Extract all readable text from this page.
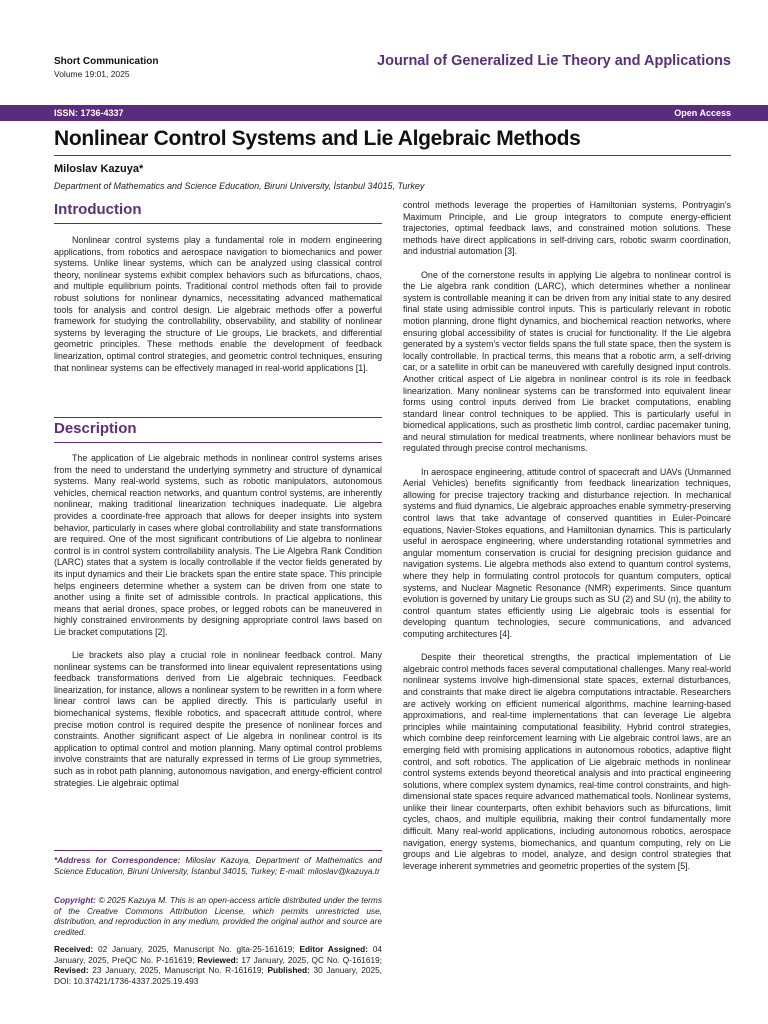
Short Communication
Volume 19:01, 2025
Journal of Generalized Lie Theory and Applications
ISSN: 1736-4337	Open Access
Nonlinear Control Systems and Lie Algebraic Methods
Miloslav Kazuya*
Department of Mathematics and Science Education, Biruni University, İstanbul 34015, Turkey
Introduction

Nonlinear control systems play a fundamental role in modern engineering applications, from robotics and aerospace navigation to biomechanics and power systems. Unlike linear systems, which can be analyzed using classical control theory, nonlinear systems exhibit complex behaviors such as bifurcations, chaos, and multiple equilibrium points. Traditional control methods often fail to provide robust solutions for nonlinear dynamics, necessitating advanced mathematical tools for analysis and control design. Lie algebraic methods offer a powerful framework for studying the controllability, observability, and stability of nonlinear systems by leveraging the structure of Lie groups, Lie brackets, and differential geometric principles. These methods enable the development of feedback linearization, optimal control strategies, and geometric control techniques, ensuring that nonlinear systems can be effectively managed in real-world applications [1].

Description

The application of Lie algebraic methods in nonlinear control systems arises from the need to understand the underlying symmetry and structure of dynamical systems. Many real-world systems, such as robotic manipulators, autonomous vehicles, chemical reaction networks, and quantum control systems, are inherently nonlinear, making traditional linearization techniques inadequate. Lie algebra provides a coordinate-free approach that allows for deeper insights into system behavior, particularly in cases where global controllability and state transformations are required. One of the most significant contributions of Lie algebra to nonlinear control is in control system controllability analysis. The Lie Algebra Rank Condition (LARC) states that a system is locally controllable if the vector fields generated by its input dynamics and their Lie brackets span the entire state space. This principle helps engineers determine whether a system can be driven from one state to another using a finite set of admissible controls. In practical applications, this means that aerial drones, space probes, or legged robots can be maneuvered in highly constrained environments by designing appropriate control laws based on Lie bracket computations [2].

Lie brackets also play a crucial role in nonlinear feedback control. Many nonlinear systems can be transformed into linear equivalent representations using feedback transformations derived from Lie algebraic techniques. Feedback linearization, for instance, allows a nonlinear system to be rewritten in a form where linear control laws can be applied directly. This is particularly useful in biomechanical systems, flexible robotics, and spacecraft attitude control, where precise motion control is required despite the presence of nonlinear forces and constraints. Another significant aspect of Lie algebra in nonlinear control is its application to optimal control and motion planning. Many optimal control problems involve constraints that are naturally expressed in terms of Lie group symmetries, such as in robot path planning, autonomous navigation, and energy-efficient control strategies. Lie algebraic optimal

*Address for Correspondence: Miloslav Kazuya, Department of Mathematics and Science Education, Biruni University, İstanbul 34015, Turkey; E-mail: miloslav@kazuya.tr
Copyright: © 2025 Kazuya M. This is an open-access article distributed under the terms of the Creative Commons Attribution License, which permits unrestricted use, distribution, and reproduction in any medium, provided the original author and source are credited.
Received: 02 January, 2025, Manuscript No. glta-25-161619; Editor Assigned: 04 January, 2025, PreQC No. P-161619; Reviewed: 17 January, 2025, QC No. Q-161619; Revised: 23 January, 2025, Manuscript No. R-161619; Published: 30 January, 2025, DOI: 10.37421/1736-4337.2025.19.493

control methods leverage the properties of Hamiltonian systems, Pontryagin's Maximum Principle, and Lie group integrators to compute energy-efficient trajectories, optimal feedback laws, and constrained motion solutions. These methods have direct applications in self-driving cars, robotic swarm coordination, and industrial automation [3].

One of the cornerstone results in applying Lie algebra to nonlinear control is the Lie algebra rank condition (LARC), which determines whether a nonlinear system is controllable meaning it can be driven from any initial state to any desired final state using admissible control inputs. This is particularly relevant in robotic motion planning, drone flight dynamics, and biochemical reaction networks, where ensuring global accessibility of states is crucial for functionality. If the Lie algebra generated by a system's vector fields spans the full state space, then the system is locally controllable. In practical terms, this means that a robotic arm, a self-driving car, or a satellite in orbit can be maneuvered with carefully designed input controls. Another critical aspect of Lie algebra in nonlinear control is its role in feedback linearization. Many nonlinear systems can be transformed into equivalent linear forms using control inputs derived from Lie bracket computations, enabling standard linear control techniques to be applied. This is particularly useful in biomedical applications, such as prosthetic limb control, cardiac pacemaker tuning, and neural stimulation for medical treatments, where nonlinear behaviors must be regulated through precise control mechanisms.

In aerospace engineering, attitude control of spacecraft and UAVs (Unmanned Aerial Vehicles) benefits significantly from feedback linearization techniques, allowing for precise trajectory tracking and disturbance rejection. In mechanical systems and fluid dynamics, Lie algebraic approaches enable symmetry-preserving control laws that take advantage of conserved quantities in Euler-Poincaré equations, Navier-Stokes equations, and Hamiltonian dynamics. This is particularly useful in aerospace engineering, where understanding rotational symmetries and angular momentum conservation is crucial for designing precision guidance and navigation systems. Lie algebra methods also extend to quantum control systems, where they help in formulating control protocols for quantum computers, optical systems, and Nuclear Magnetic Resonance (NMR) experiments. Since quantum evolution is governed by unitary Lie groups such as SU (2) and SU (n), the ability to control quantum states efficiently using Lie algebraic tools is essential for developing quantum technologies, secure communications, and advanced computing architectures [4].

Despite their theoretical strengths, the practical implementation of Lie algebraic control methods faces several computational challenges. Many real-world nonlinear systems involve high-dimensional state spaces, external disturbances, and constraints that make direct lie algebra computations intractable. Researchers are actively working on efficient numerical algorithms, machine learning-based approximations, and real-time implementations that can leverage Lie algebra principles while maintaining computational feasibility. Hybrid control strategies, which combine deep reinforcement learning with Lie algebraic control laws, are an emerging field with promising applications in autonomous robotics, adaptive flight control, and soft robotics. The application of Lie algebraic methods in nonlinear control systems extends beyond theoretical analysis and into practical engineering solutions, where complex system dynamics, real-time control constraints, and high-dimensional state spaces require advanced mathematical tools. Nonlinear systems, unlike their linear counterparts, often exhibit behaviors such as bifurcations, limit cycles, chaos, and multiple equilibria, making their control fundamentally more difficult. Many real-world applications, including autonomous robotics, aerospace navigation, energy systems, biomechanics, and quantum computing, rely on Lie groups and Lie algebras to model, analyze, and design control strategies that leverage inherent symmetries and geometric properties of the system [5].
